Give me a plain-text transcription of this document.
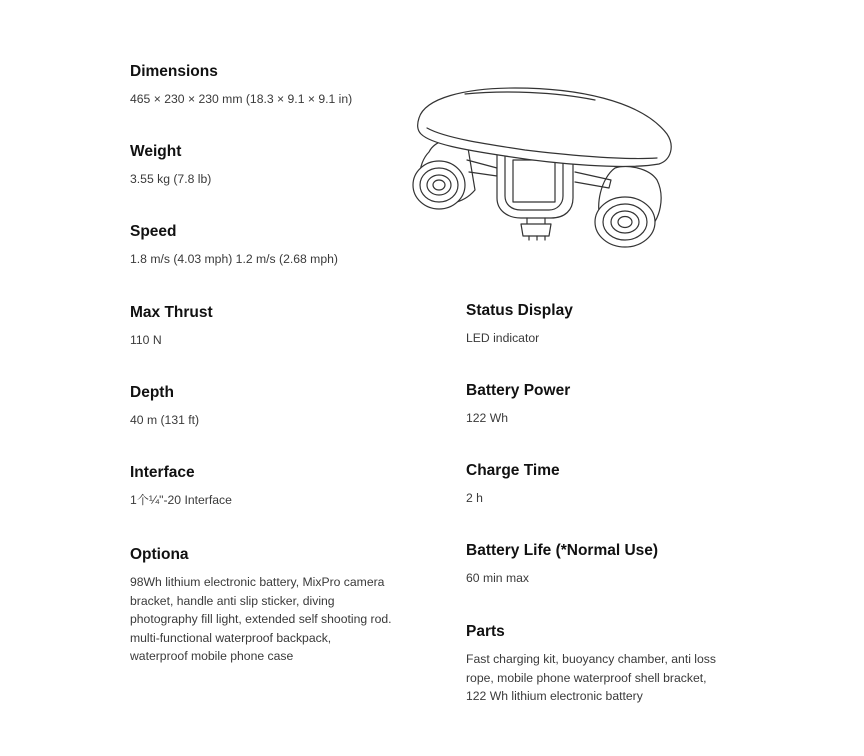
Dimensions
465 × 230 × 230 mm (18.3 × 9.1 × 9.1 in)
Weight
3.55 kg (7.8 lb)
Speed
1.8 m/s (4.03 mph) 1.2 m/s (2.68 mph)
Max Thrust
110 N
Depth
40 m (131 ft)
Interface
1个¼"-20 Interface
Optiona
98Wh lithium electronic battery, MixPro camera bracket, handle anti slip sticker, diving photography fill light, extended self shooting rod. multi-functional waterproof backpack, waterproof mobile phone case
Status Display
LED indicator
Battery Power
122 Wh
Charge Time
2 h
Battery Life (*Normal Use)
60 min max
Parts
Fast charging kit, buoyancy chamber, anti loss rope, mobile phone waterproof shell bracket, 122 Wh lithium electronic battery
